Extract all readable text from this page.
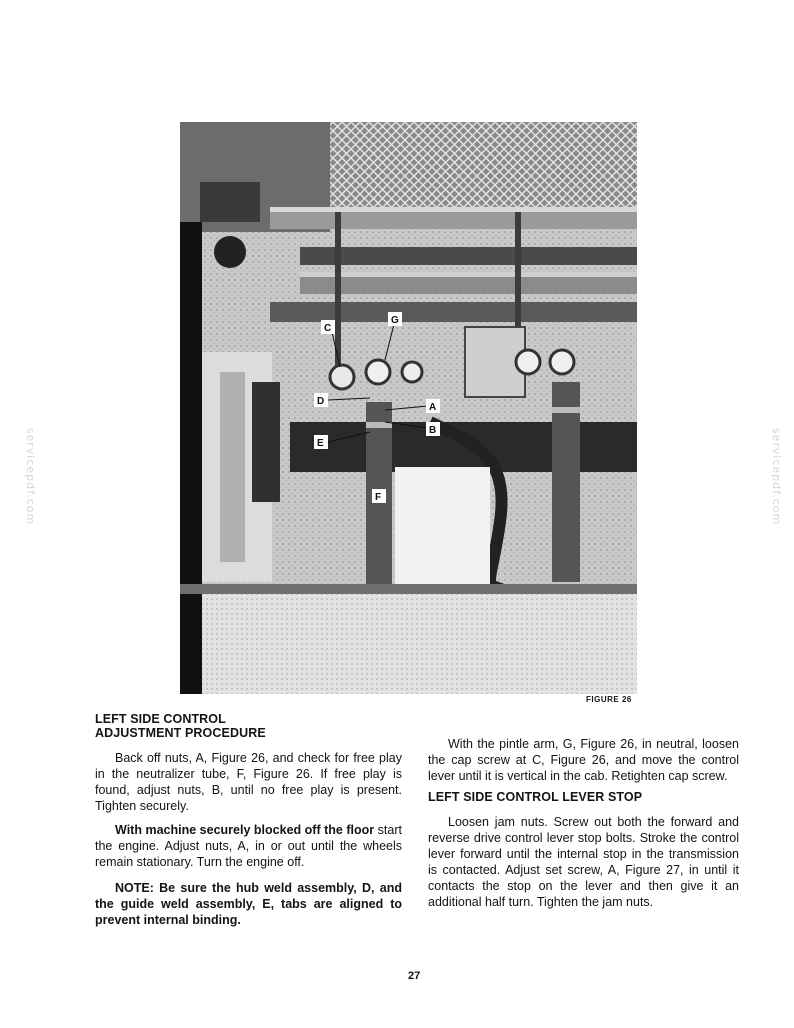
servicepdf.com	servicepdf.com
C
G
D
A
B
E
F
FIGURE 26
LEFT SIDE CONTROL
ADJUSTMENT PROCEDURE

Back off nuts, A, Figure 26, and check for free play in the neutralizer tube, F, Figure 26. If free play is found, adjust nuts, B, until no free play is present. Tighten securely.

With machine securely blocked off the floor start the engine. Adjust nuts, A, in or out until the wheels remain stationary. Turn the engine off.

NOTE: Be sure the hub weld assembly, D, and the guide weld assembly, E, tabs are aligned to prevent internal binding.

With the pintle arm, G, Figure 26, in neutral, loosen the cap screw at C, Figure 26, and move the control lever until it is vertical in the cab. Retighten cap screw.

LEFT SIDE CONTROL LEVER STOP

Loosen jam nuts. Screw out both the forward and reverse drive control lever stop bolts. Stroke the control lever forward until the internal stop in the transmission is contacted. Adjust set screw, A, Figure 27, in until it contacts the stop on the lever and then give it an additional half turn. Tighten the jam nuts.

27
